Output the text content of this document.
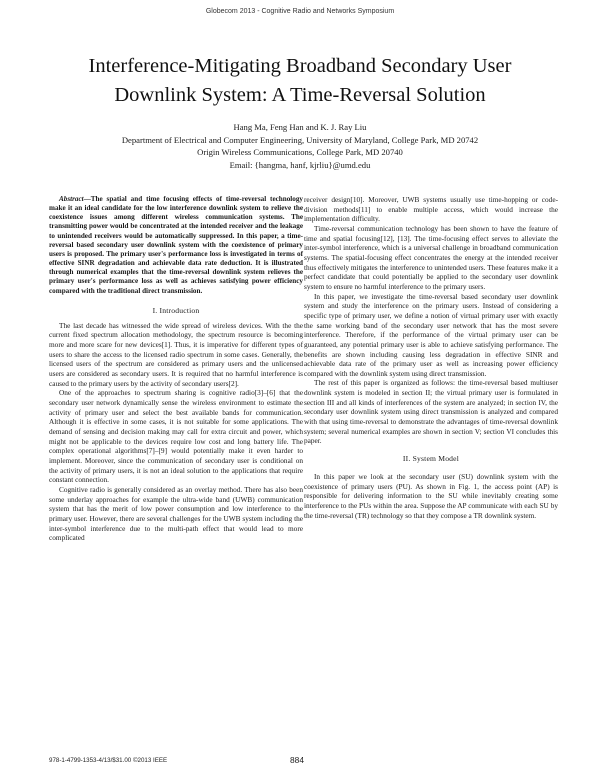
Globecom 2013 - Cognitive Radio and Networks Symposium
Interference-Mitigating Broadband Secondary User
Downlink System: A Time-Reversal Solution
Hang Ma, Feng Han and K. J. Ray Liu
Department of Electrical and Computer Engineering, University of Maryland, College Park, MD 20742
Origin Wireless Communications, College Park, MD 20740
Email: {hangma, hanf, kjrliu}@umd.edu

Abstract—The spatial and time focusing effects of time-reversal technology make it an ideal candidate for the low interference downlink system to relieve the coexistence issues among different wireless communication systems. The transmitting power would be concentrated at the intended receiver and the leakage to unintended receivers would be automatically suppressed. In this paper, a time-reversal based secondary user downlink system with the coexistence of primary users is proposed. The primary user's performance loss is investigated in terms of effective SINR degradation and achievable data rate deduction. It is illustrated through numerical examples that the time-reversal downlink system relieves the primary user's performance loss as well as achieves satisfying power efficiency compared with the traditional direct transmission.

I. Introduction

The last decade has witnessed the wide spread of wireless devices. With the the current fixed spectrum allocation methodology, the spectrum resource is becoming more and more scare for new devices[1]. Thus, it is imperative for different types of users to share the access to the licensed radio spectrum in some cases. Generally, the licensed users of the spectrum are considered as primary users and the unlicensed users are considered as secondary users. It is required that no harmful interference is caused to the primary users by the activity of secondary users[2].

One of the approaches to spectrum sharing is cognitive radio[3]–[6] that the secondary user network dynamically sense the wireless environment to estimate the activity of primary user and select the best available bands for communication. Although it is effective in some cases, it is not suitable for some applications. The demand of sensing and decision making may call for extra circuit and power, which might not be applicable to the devices require low cost and long battery life. The complex operational algorithms[7]–[9] would potentially make it even harder to implement. Moreover, since the communication of secondary user is conditional on the activity of primary users, it is not an ideal solution to the applications that require constant connection.

Cognitive radio is generally considered as an overlay method. There has also been some underlay approaches for example the ultra-wide band (UWB) communication system that has the merit of low power consumption and low interference to the primary user. However, there are several challenges for the UWB system including the inter-symbol interference due to the multi-path effect that would lead to more complicated

receiver design[10]. Moreover, UWB systems usually use time-hopping or code-division methods[11] to enable multiple access, which would increase the implementation difficulty.

Time-reversal communication technology has been shown to have the feature of time and spatial focusing[12], [13]. The time-focusing effect serves to alleviate the inter-symbol interference, which is a universal challenge in broadband communication systems. The spatial-focusing effect concentrates the energy at the intended receiver thus effectively mitigates the interference to unintended users. These features make it a perfect candidate that could potentially be applied to the secondary user downlink system to ensure no harmful interference to the primary users.

In this paper, we investigate the time-reversal based secondary user downlink system and study the interference on the primary users. Instead of considering a specific type of primary user, we define a notion of virtual primary user with exactly the same working band of the secondary user network that has the most severe interference. Therefore, if the performance of the virtual primary user can be guaranteed, any potential primary user is able to achieve satisfying performance. The benefits are shown including causing less degradation in effective SINR and achievable data rate of the primary user as well as increasing power efficiency compared with the downlink system using direct transmission.

The rest of this paper is organized as follows: the time-reversal based multiuser downlink system is modeled in section II; the virtual primary user is formulated in section III and all kinds of interferences of the system are analyzed; in section IV, the secondary user downlink system using direct transmission is analyzed and compared with that using time-reversal to demonstrate the advantages of time-reversal downlink system; several numerical examples are shown in section V; section VI concludes this paper.

II. System Model

In this paper we look at the secondary user (SU) downlink system with the coexistence of primary users (PU). As shown in Fig. 1, the access point (AP) is responsible for delivering information to the SU while inevitably creating some interference to the PUs within the area. Suppose the AP communicate with each SU by the time-reversal (TR) technology so that they compose a TR downlink system.

978-1-4799-1353-4/13/$31.00 ©2013 IEEE	884
